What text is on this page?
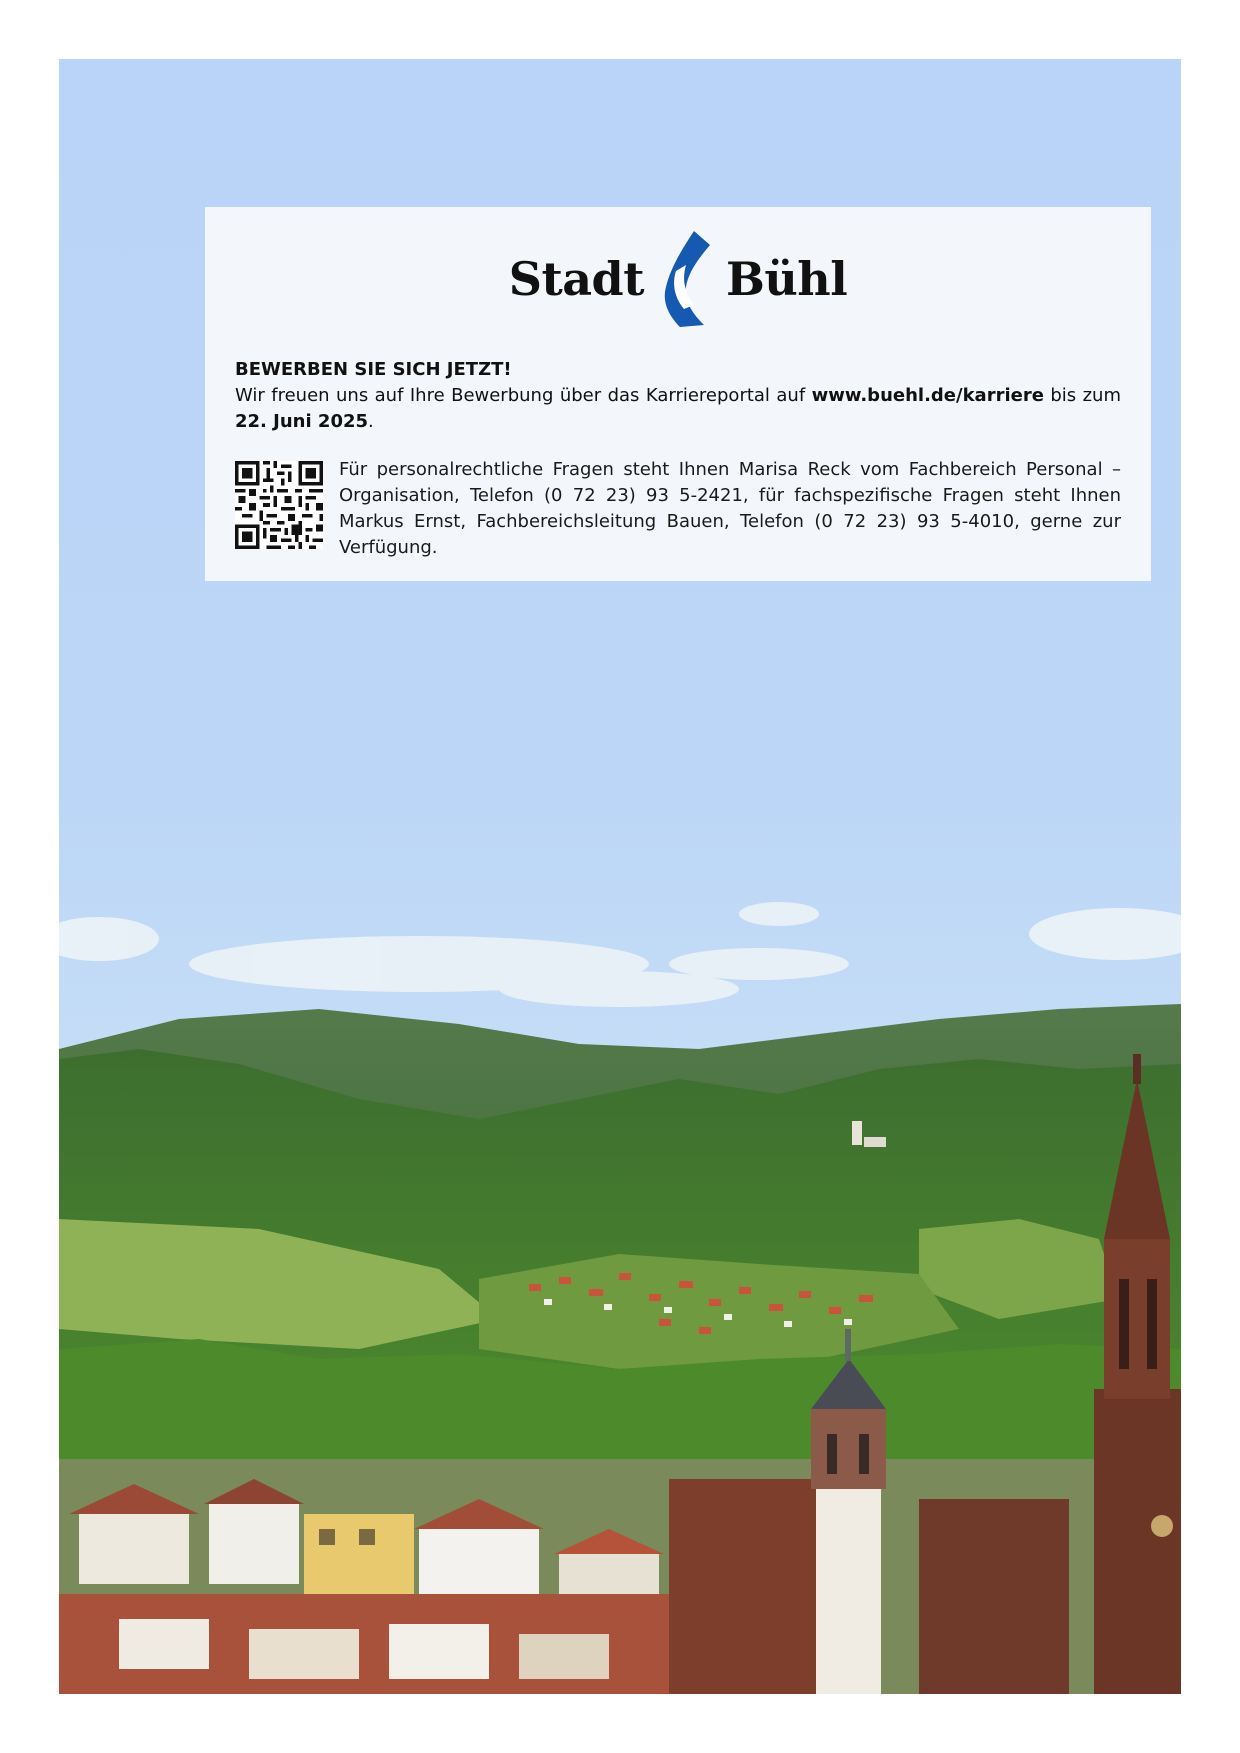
Stadt Bühl
BEWERBEN SIE SICH JETZT!
Wir freuen uns auf Ihre Bewerbung über das Karriereportal auf www.buehl.de/karriere bis zum 22. Juni 2025.
Für personalrechtliche Fragen steht Ihnen Marisa Reck vom Fachbereich Personal – Organisation, Telefon (0 72 23) 93 5-2421, für fachspezifische Fragen steht Ihnen Markus Ernst, Fachbereichsleitung Bauen, Telefon (0 72 23) 93 5-4010, gerne zur Verfügung.
